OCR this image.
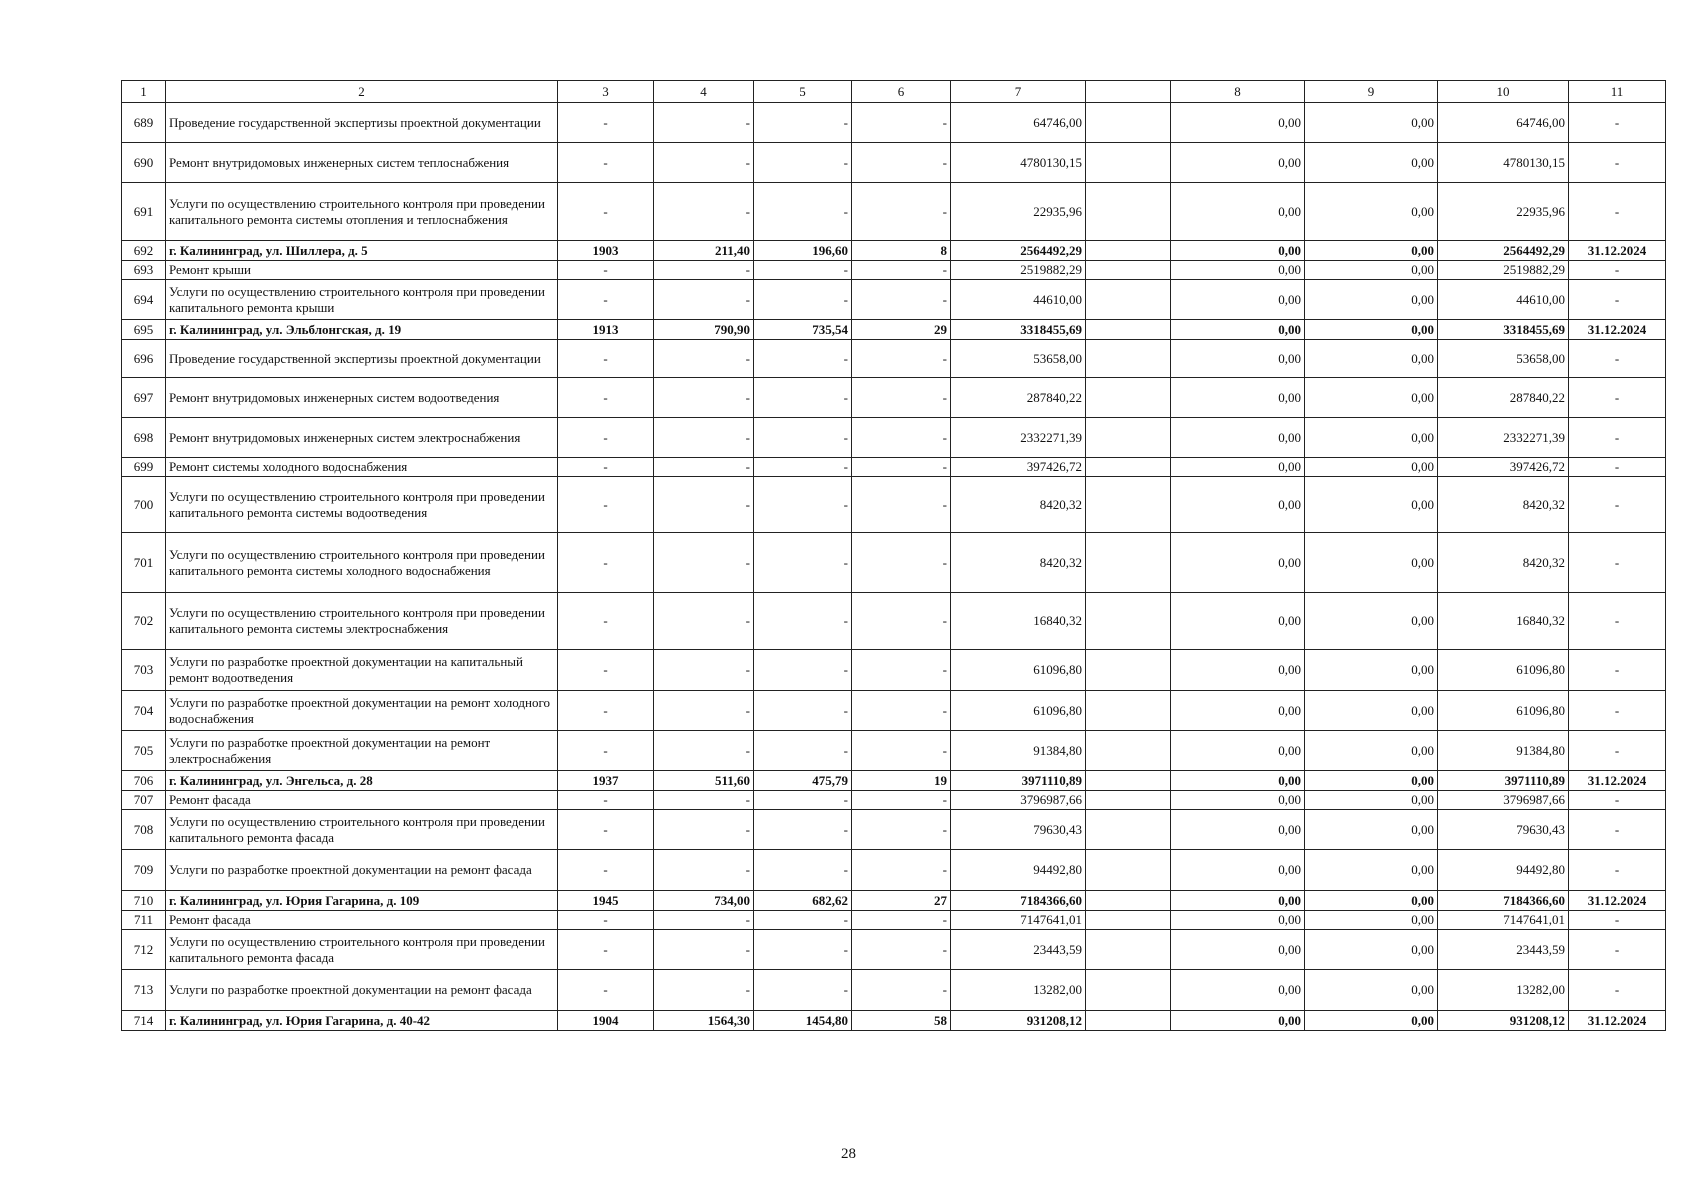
1	2	3	4	5	6	7		8	9	10	11
689	Проведение государственной экспертизы проектной документации	-	-	-	-	64746,00		0,00	0,00	64746,00	-
690	Ремонт внутридомовых инженерных систем теплоснабжения	-	-	-	-	4780130,15		0,00	0,00	4780130,15	-
691	Услуги по осуществлению строительного контроля при проведении капитального ремонта системы отопления и теплоснабжения	-	-	-	-	22935,96		0,00	0,00	22935,96	-
692	г. Калининград, ул. Шиллера, д. 5	1903	211,40	196,60	8	2564492,29		0,00	0,00	2564492,29	31.12.2024
693	Ремонт крыши	-	-	-	-	2519882,29		0,00	0,00	2519882,29	-
694	Услуги по осуществлению строительного контроля при проведении капитального ремонта крыши	-	-	-	-	44610,00		0,00	0,00	44610,00	-
695	г. Калининград, ул. Эльблонгская, д. 19	1913	790,90	735,54	29	3318455,69		0,00	0,00	3318455,69	31.12.2024
696	Проведение государственной экспертизы проектной документации	-	-	-	-	53658,00		0,00	0,00	53658,00	-
697	Ремонт внутридомовых инженерных систем водоотведения	-	-	-	-	287840,22		0,00	0,00	287840,22	-
698	Ремонт внутридомовых инженерных систем электроснабжения	-	-	-	-	2332271,39		0,00	0,00	2332271,39	-
699	Ремонт системы холодного водоснабжения	-	-	-	-	397426,72		0,00	0,00	397426,72	-
700	Услуги по осуществлению строительного контроля при проведении капитального ремонта системы водоотведения	-	-	-	-	8420,32		0,00	0,00	8420,32	-
701	Услуги по осуществлению строительного контроля при проведении капитального ремонта системы холодного водоснабжения	-	-	-	-	8420,32		0,00	0,00	8420,32	-
702	Услуги по осуществлению строительного контроля при проведении капитального ремонта системы электроснабжения	-	-	-	-	16840,32		0,00	0,00	16840,32	-
703	Услуги по разработке проектной документации на капитальный ремонт водоотведения	-	-	-	-	61096,80		0,00	0,00	61096,80	-
704	Услуги по разработке проектной документации на ремонт холодного водоснабжения	-	-	-	-	61096,80		0,00	0,00	61096,80	-
705	Услуги по разработке проектной документации на ремонт электроснабжения	-	-	-	-	91384,80		0,00	0,00	91384,80	-
706	г. Калининград, ул. Энгельса, д. 28	1937	511,60	475,79	19	3971110,89		0,00	0,00	3971110,89	31.12.2024
707	Ремонт фасада	-	-	-	-	3796987,66		0,00	0,00	3796987,66	-
708	Услуги по осуществлению строительного контроля при проведении капитального ремонта фасада	-	-	-	-	79630,43		0,00	0,00	79630,43	-
709	Услуги по разработке проектной документации на ремонт фасада	-	-	-	-	94492,80		0,00	0,00	94492,80	-
710	г. Калининград, ул. Юрия Гагарина, д. 109	1945	734,00	682,62	27	7184366,60		0,00	0,00	7184366,60	31.12.2024
711	Ремонт фасада	-	-	-	-	7147641,01		0,00	0,00	7147641,01	-
712	Услуги по осуществлению строительного контроля при проведении капитального ремонта фасада	-	-	-	-	23443,59		0,00	0,00	23443,59	-
713	Услуги по разработке проектной документации на ремонт фасада	-	-	-	-	13282,00		0,00	0,00	13282,00	-
714	г. Калининград, ул. Юрия Гагарина, д. 40-42	1904	1564,30	1454,80	58	931208,12		0,00	0,00	931208,12	31.12.2024
28
